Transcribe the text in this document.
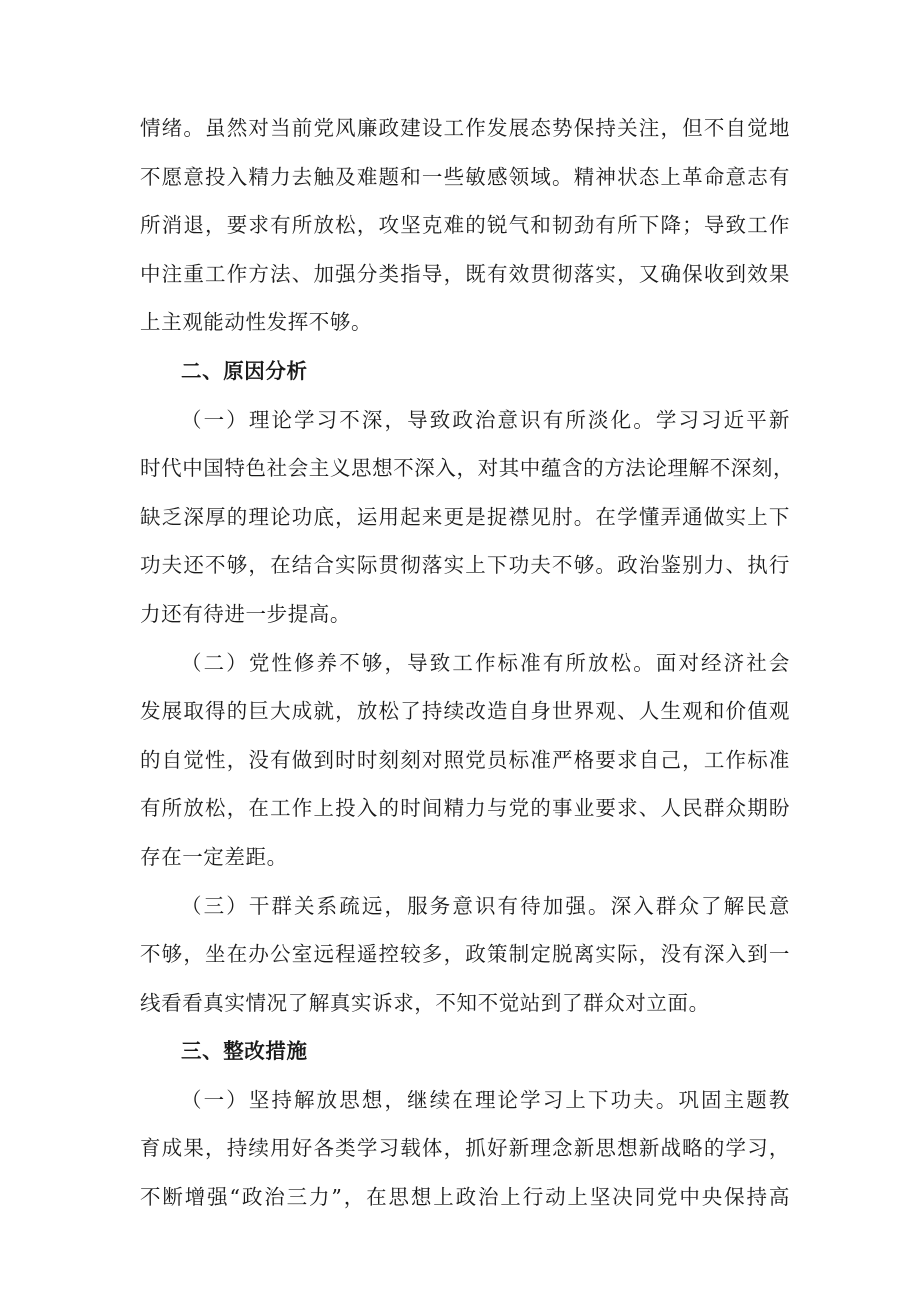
情绪。虽然对当前党风廉政建设工作发展态势保持关注，但不自觉地
不愿意投入精力去触及难题和一些敏感领域。精神状态上革命意志有
所消退，要求有所放松，攻坚克难的锐气和韧劲有所下降；导致工作
中注重工作方法、加强分类指导，既有效贯彻落实，又确保收到效果
上主观能动性发挥不够。

二、原因分析

（一）理论学习不深，导致政治意识有所淡化。学习习近平新
时代中国特色社会主义思想不深入，对其中蕴含的方法论理解不深刻，
缺乏深厚的理论功底，运用起来更是捉襟见肘。在学懂弄通做实上下
功夫还不够，在结合实际贯彻落实上下功夫不够。政治鉴别力、执行
力还有待进一步提高。
（二）党性修养不够，导致工作标准有所放松。面对经济社会
发展取得的巨大成就，放松了持续改造自身世界观、人生观和价值观
的自觉性，没有做到时时刻刻对照党员标准严格要求自己，工作标准
有所放松，在工作上投入的时间精力与党的事业要求、人民群众期盼
存在一定差距。
（三）干群关系疏远，服务意识有待加强。深入群众了解民意
不够，坐在办公室远程遥控较多，政策制定脱离实际，没有深入到一
线看看真实情况了解真实诉求，不知不觉站到了群众对立面。

三、整改措施

（一）坚持解放思想，继续在理论学习上下功夫。巩固主题教
育成果，持续用好各类学习载体，抓好新理念新思想新战略的学习，
不断增强“政治三力”，在思想上政治上行动上坚决同党中央保持高
